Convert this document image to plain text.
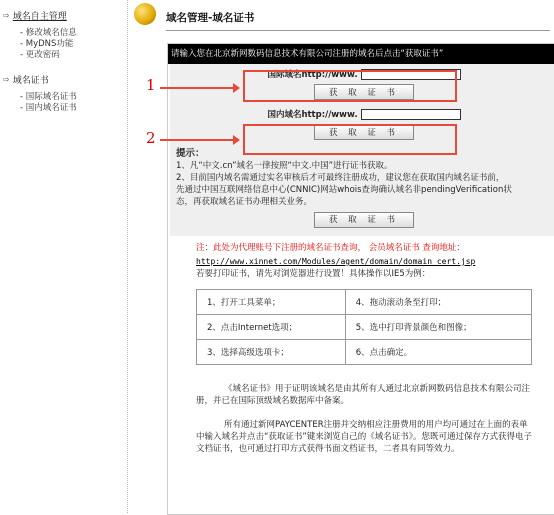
⇨ 域名自主管理
- 修改域名信息
- MyDNS功能
- 更改密码
⇨ 域名证书
- 国际域名证书
- 国内域名证书
域名管理-域名证书
请输入您在北京新网数码信息技术有限公司注册的域名后点击“获取证书”
国际域名http://www.
获 取 证 书
国内域名http://www.
获 取 证 书
提示：
1、凡“中文.cn”域名一律按照“中文.中国”进行证书获取。
2、目前国内域名需通过实名审核后才可最终注册成功，建议您在获取国内域名证书前，
先通过中国互联网络信息中心(CNNIC)网站whois查询确认域名非pendingVerification状
态，再获取域名证书办理相关业务。
获 取 证 书
注：此处为代理账号下注册的域名证书查询， 会员域名证书 查询地址：
http://www.xinnet.com/Modules/agent/domain/domain_cert.jsp
若要打印证书，请先对浏览器进行设置！具体操作以IE5为例：
1、打开工具菜单；	4、拖动滚动条至打印；
2、点击Internet选项；	5、选中打印背景颜色和图像；
3、选择高级选项卡；	6、点击确定。
《域名证书》用于证明该域名是由其所有人通过北京新网数码信息技术有限公司注册，并已在国际顶级域名数据库中备案。
所有通过新网PAYCENTER注册并交纳相应注册费用的用户均可通过在上面的表单中输入域名并点击“获取证书”键来浏览自己的《域名证书》。您既可通过保存方式获得电子文档证书，也可通过打印方式获得书面文档证书，二者具有同等效力。
1
2
